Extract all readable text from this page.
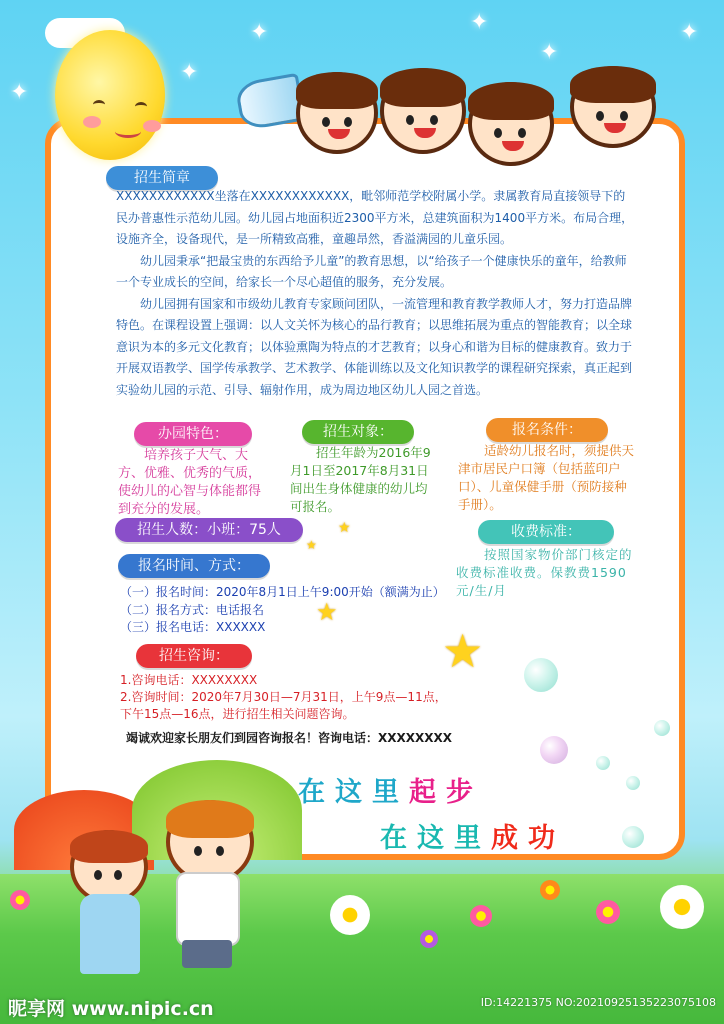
✦	✦
✦
✦
✦
✦
招生简章

XXXXXXXXXXXX坐落在XXXXXXXXXXXX，毗邻师范学校附属小学。隶属教育局直接领导下的民办普惠性示范幼儿园。幼儿园占地面积近2300平方米，总建筑面积为1400平方米。布局合理，设施齐全，设备现代，是一所精致高雅，童趣昂然，香溢满园的儿童乐园。

幼儿园秉承“把最宝贵的东西给予儿童”的教育思想，以“给孩子一个健康快乐的童年，给教师一个专业成长的空间，给家长一个尽心超值的服务，充分发展。

幼儿园拥有国家和市级幼儿教育专家顾问团队，一流管理和教育教学教师人才，努力打造品牌特色。在课程设置上强调：以人文关怀为核心的品行教育；以思维拓展为重点的智能教育；以全球意识为本的多元文化教育；以体验熏陶为特点的才艺教育；以身心和谐为目标的健康教育。致力于开展双语教学、国学传承教学、艺术教学、体能训练以及文化知识教学的课程研究探索，真正起到实验幼儿园的示范、引导、辐射作用，成为周边地区幼儿人园之首选。

办园特色：
培养孩子大气、大方、优雅、优秀的气质，使幼儿的心智与体能都得到充分的发展。
招生对象：
招生年龄为2016年9月1日至2017年8月31日间出生身体健康的幼儿均可报名。
报名条件：
适龄幼儿报名时，须提供天津市居民户口簿（包括蓝印户口）、儿童保健手册（预防接种手册）。
招生人数：小班：75人	★
★
收费标准：
按照国家物价部门核定的收费标准收费。保教费1590元/生/月
报名时间、方式：
（一）报名时间：2020年8月1日上午9:00开始（额满为止）
（二）报名方式：电话报名
（三）报名电话：XXXXXX
★
★
招生咨询：
1.咨询电话：XXXXXXXX
2.咨询时间：2020年7月30日—7月31日，上午9点—11点，
下午15点—16点，进行招生相关问题咨询。
竭诚欢迎家长朋友们到园咨询报名！咨询电话：XXXXXXXX
在这里起步
在这里成功
昵享网 www.nipic.cn	ID:14221375 NO:20210925135223075108
